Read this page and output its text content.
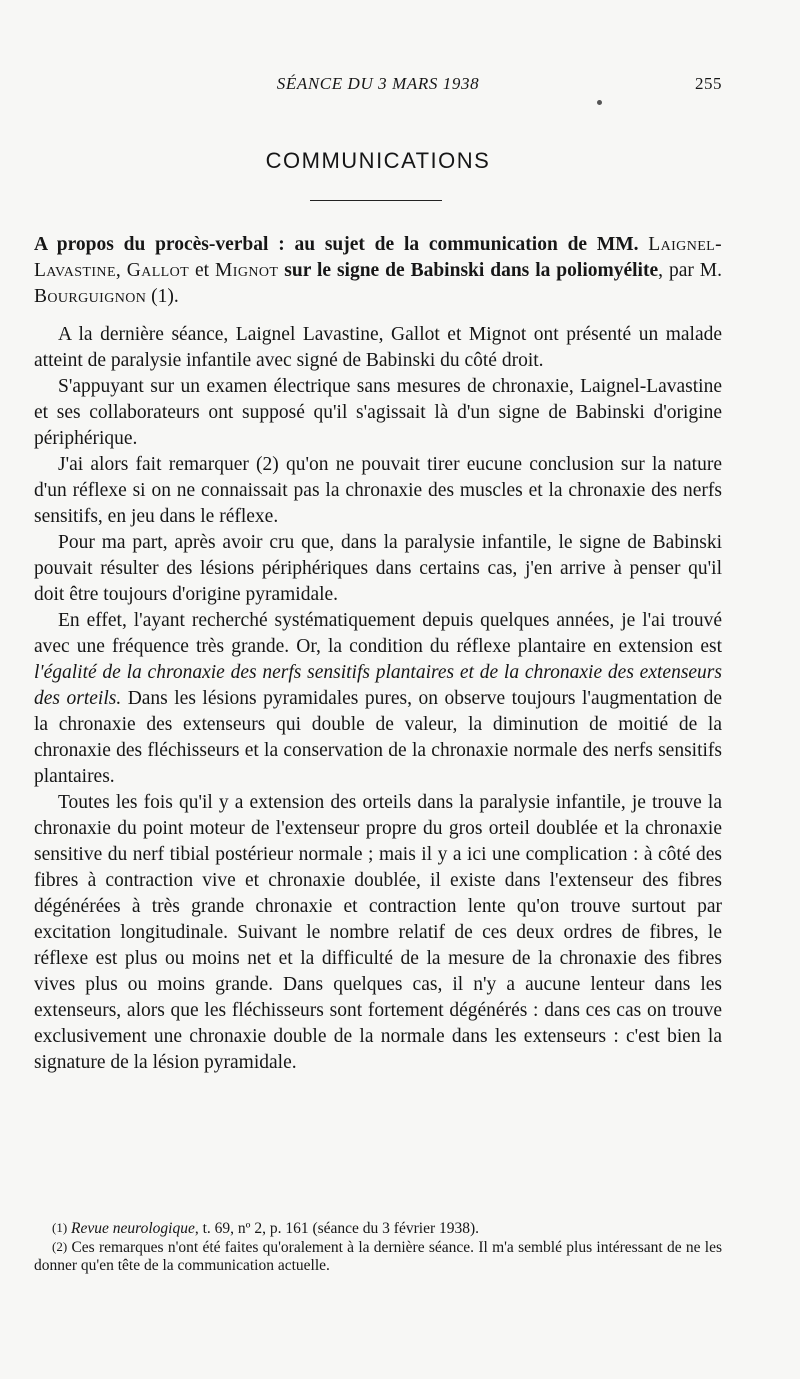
SÉANCE DU 3 MARS 1938	255
COMMUNICATIONS
A propos du procès-verbal : au sujet de la communication de MM. Laignel-Lavastine, Gallot et Mignot sur le signe de Babinski dans la poliomyélite, par M. Bourguignon (1).

A la dernière séance, Laignel Lavastine, Gallot et Mignot ont présenté un malade atteint de paralysie infantile avec signé de Babinski du côté droit.

S'appuyant sur un examen électrique sans mesures de chronaxie, Laignel-Lavastine et ses collaborateurs ont supposé qu'il s'agissait là d'un signe de Babinski d'origine périphérique.

J'ai alors fait remarquer (2) qu'on ne pouvait tirer eucune conclusion sur la nature d'un réflexe si on ne connaissait pas la chronaxie des muscles et la chronaxie des nerfs sensitifs, en jeu dans le réflexe.

Pour ma part, après avoir cru que, dans la paralysie infantile, le signe de Babinski pouvait résulter des lésions périphériques dans certains cas, j'en arrive à penser qu'il doit être toujours d'origine pyramidale.

En effet, l'ayant recherché systématiquement depuis quelques années, je l'ai trouvé avec une fréquence très grande. Or, la condition du réflexe plantaire en extension est l'égalité de la chronaxie des nerfs sensitifs plantaires et de la chronaxie des extenseurs des orteils. Dans les lésions pyramidales pures, on observe toujours l'augmentation de la chronaxie des extenseurs qui double de valeur, la diminution de moitié de la chronaxie des fléchisseurs et la conservation de la chronaxie normale des nerfs sensitifs plantaires.

Toutes les fois qu'il y a extension des orteils dans la paralysie infantile, je trouve la chronaxie du point moteur de l'extenseur propre du gros orteil doublée et la chronaxie sensitive du nerf tibial postérieur normale ; mais il y a ici une complication : à côté des fibres à contraction vive et chronaxie doublée, il existe dans l'extenseur des fibres dégénérées à très grande chronaxie et contraction lente qu'on trouve surtout par excitation longitudinale. Suivant le nombre relatif de ces deux ordres de fibres, le réflexe est plus ou moins net et la difficulté de la mesure de la chronaxie des fibres vives plus ou moins grande. Dans quelques cas, il n'y a aucune lenteur dans les extenseurs, alors que les fléchisseurs sont fortement dégénérés : dans ces cas on trouve exclusivement une chronaxie double de la normale dans les extenseurs : c'est bien la signature de la lésion pyramidale.

(1) Revue neurologique, t. 69, nº 2, p. 161 (séance du 3 février 1938).

(2) Ces remarques n'ont été faites qu'oralement à la dernière séance. Il m'a semblé plus intéressant de ne les donner qu'en tête de la communication actuelle.
